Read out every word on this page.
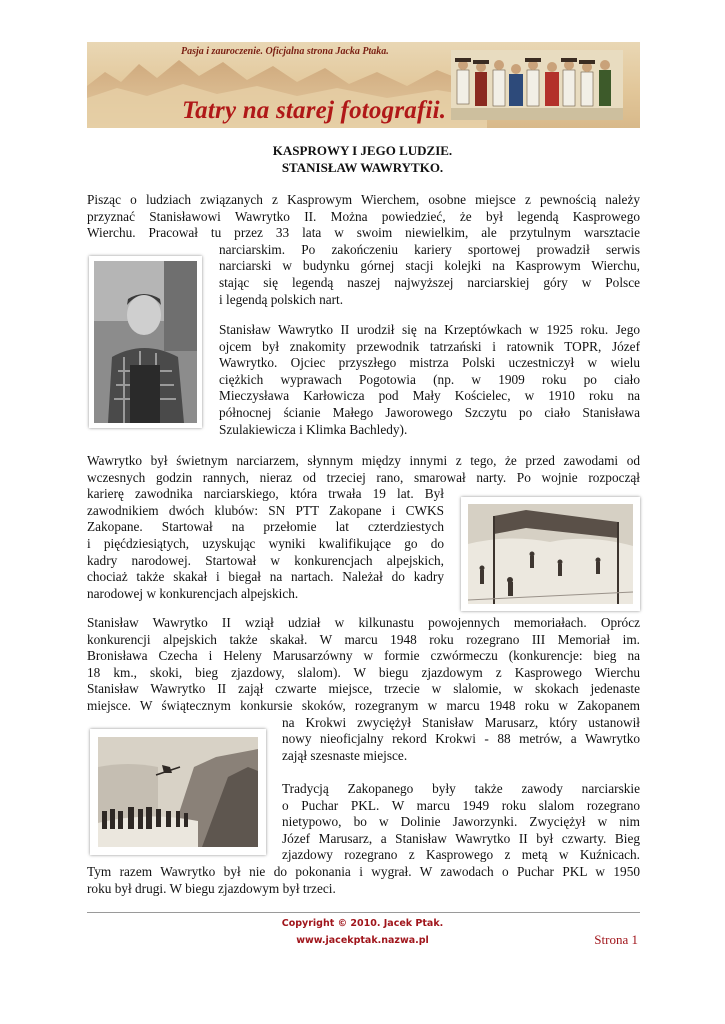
Pasja i zauroczenie. Oficjalna strona Jacka Ptaka.
Tatry na starej fotografii.
KASPROWY I JEGO LUDZIE.
STANISŁAW WAWRYTKO.
Pisząc o ludziach związanych z Kasprowym Wierchem, osobne miejsce z pewnością należy
przyznać Stanisławowi Wawrytko II. Można powiedzieć, że był legendą Kasprowego
Wierchu. Pracował tu przez 33 lata w swoim niewielkim, ale przytulnym warsztacie
narciarskim. Po zakończeniu kariery sportowej prowadził serwis
narciarski w budynku górnej stacji kolejki na Kasprowym Wierchu,
stając się legendą naszej najwyższej narciarskiej góry w Polsce
i legendą polskich nart.
Stanisław Wawrytko II urodził się na Krzeptówkach w 1925 roku. Jego
ojcem był znakomity przewodnik tatrzański i ratownik TOPR, Józef
Wawrytko. Ojciec przyszłego mistrza Polski uczestniczył w wielu
ciężkich wyprawach Pogotowia (np. w 1909 roku po ciało
Mieczysława Karłowicza pod Mały Kościelec, w 1910 roku na
północnej ścianie Małego Jaworowego Szczytu po ciało Stanisława
Szulakiewicza i Klimka Bachledy).
Wawrytko był świetnym narciarzem, słynnym między innymi z tego, że przed zawodami od
wczesnych godzin rannych, nieraz od trzeciej rano, smarował narty. Po wojnie rozpoczął
karierę zawodnika narciarskiego, która trwała 19 lat. Był
zawodnikiem dwóch klubów: SN PTT Zakopane i CWKS
Zakopane. Startował na przełomie lat czterdziestych
i pięćdziesiątych, uzyskując wyniki kwalifikujące go do
kadry narodowej. Startował w konkurencjach alpejskich,
chociaż także skakał i biegał na nartach. Należał do kadry
narodowej w konkurencjach alpejskich.
Stanisław Wawrytko II wziął udział w kilkunastu powojennych memoriałach. Oprócz
konkurencji alpejskich także skakał. W marcu 1948 roku rozegrano III Memoriał im.
Bronisława Czecha i Heleny Marusarzówny w formie czwórmeczu (konkurencje: bieg na
18 km., skoki, bieg zjazdowy, slalom). W biegu zjazdowym z Kasprowego Wierchu
Stanisław Wawrytko II zajął czwarte miejsce, trzecie w slalomie, w skokach jedenaste
miejsce. W świątecznym konkursie skoków, rozegranym w marcu 1948 roku w Zakopanem
na Krokwi zwyciężył Stanisław Marusarz, który ustanowił
nowy nieoficjalny rekord Krokwi - 88 metrów, a Wawrytko
zajął szesnaste miejsce.
Tradycją Zakopanego były także zawody narciarskie
o Puchar PKL. W marcu 1949 roku slalom rozegrano
nietypowo, bo w Dolinie Jaworzynki. Zwyciężył w nim
Józef Marusarz, a Stanisław Wawrytko II był czwarty. Bieg
zjazdowy rozegrano z Kasprowego z metą w Kuźnicach.
Tym razem Wawrytko był nie do pokonania i wygrał. W zawodach o Puchar PKL w 1950
roku był drugi. W biegu zjazdowym był trzeci.
Copyright © 2010. Jacek Ptak.
www.jacekptak.nazwa.pl	Strona 1
